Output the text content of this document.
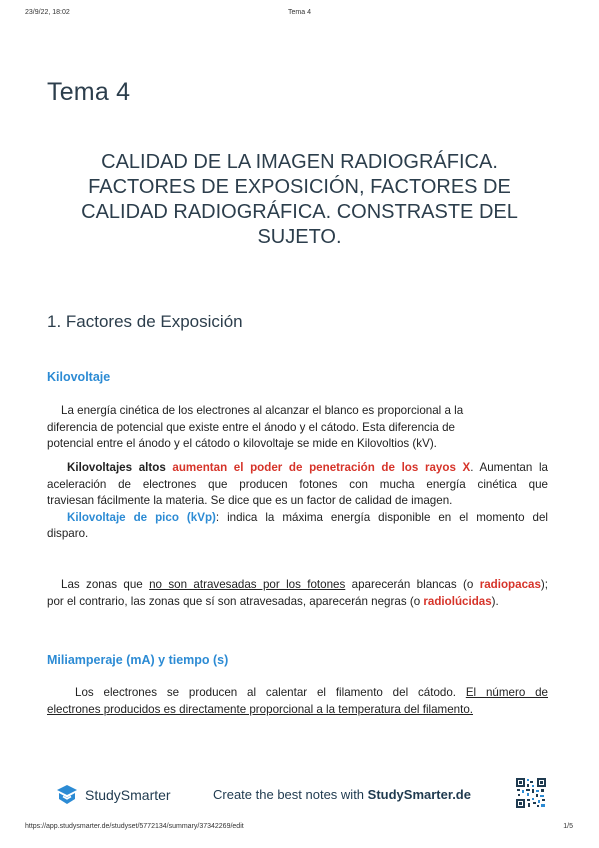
23/9/22, 18:02	Tema 4
Tema 4
CALIDAD DE LA IMAGEN RADIOGRÁFICA.
FACTORES DE EXPOSICIÓN, FACTORES DE
CALIDAD RADIOGRÁFICA. CONSTRASTE DEL
SUJETO.
1. Factores de Exposición
Kilovoltaje
La energía cinética de los electrones al alcanzar el blanco es proporcional a la
diferencia de potencial que existe entre el ánodo y el cátodo. Esta diferencia de
potencial entre el ánodo y el cátodo o kilovoltaje se mide en Kilovoltios (kV).
Kilovoltajes altos aumentan el poder de penetración de los rayos X. Aumentan la
aceleración de electrones que producen fotones con mucha energía cinética que
traviesan fácilmente la materia. Se dice que es un factor de calidad de imagen.
Kilovoltaje de pico (kVp): indica la máxima energía disponible en el momento del
disparo.
Las zonas que no son atravesadas por los fotones aparecerán blancas (o radiopacas);
por el contrario, las zonas que sí son atravesadas, aparecerán negras (o radiolúcidas).
Miliamperaje (mA) y tiempo (s)
Los electrones se producen al calentar el filamento del cátodo. El número de
electrones producidos es directamente proporcional a la temperatura del filamento.
StudySmarter	Create the best notes with StudySmarter.de
https://app.studysmarter.de/studyset/5772134/summary/37342269/edit	1/5
